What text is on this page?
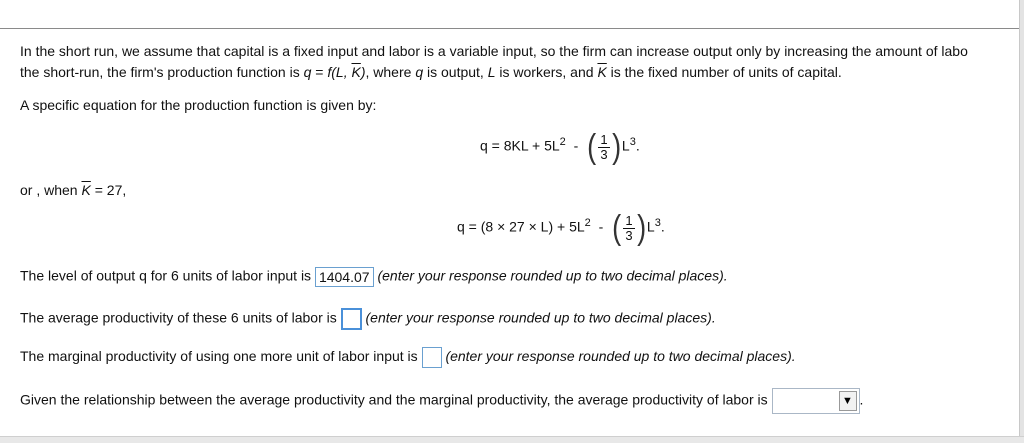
In the short run, we assume that capital is a fixed input and labor is a variable input, so the firm can increase output only by increasing the amount of labo
the short-run, the firm's production function is q = f(L, $\overline{K}$), where q is output, L is workers, and $\overline{K}$ is the fixed number of units of capital.
A specific equation for the production function is given by:
$q = 8KL + 5L^2$ - ( $\frac{1}{3} )L^3$.
or , when $\overline{K} = 27$,
$q = (8 \times 27 \times L) + 5L^2$ - ( $\frac{1}{3} )L^3$.
The level of output q for 6 units of labor input is 1404.07 (enter your response rounded up to two decimal places).
The average productivity of these 6 units of labor is  (enter your response rounded up to two decimal places).
The marginal productivity of using one more unit of labor input is  (enter your response rounded up to two decimal places).
Given the relationship between the average productivity and the marginal productivity, the average productivity of labor is	▼ .
